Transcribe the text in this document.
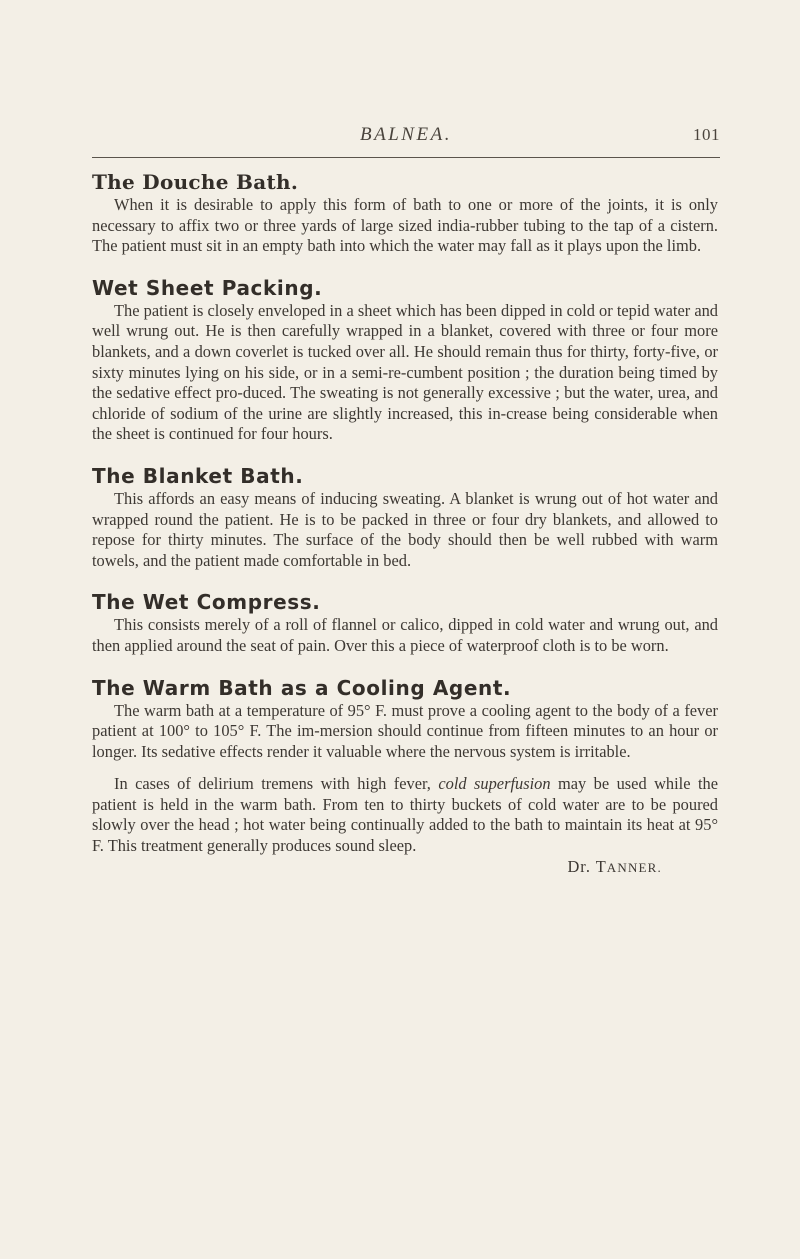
BALNEA.	101
The Douche Bath.

When it is desirable to apply this form of bath to one or more of the joints, it is only necessary to affix two or three yards of large sized india-rubber tubing to the tap of a cistern. The patient must sit in an empty bath into which the water may fall as it plays upon the limb.

Wet Sheet Packing.

The patient is closely enveloped in a sheet which has been dipped in cold or tepid water and well wrung out. He is then carefully wrapped in a blanket, covered with three or four more blankets, and a down coverlet is tucked over all. He should remain thus for thirty, forty-five, or sixty minutes lying on his side, or in a semi-re-cumbent position ; the duration being timed by the sedative effect pro-duced. The sweating is not generally excessive ; but the water, urea, and chloride of sodium of the urine are slightly increased, this in-crease being considerable when the sheet is continued for four hours.

The Blanket Bath.

This affords an easy means of inducing sweating. A blanket is wrung out of hot water and wrapped round the patient. He is to be packed in three or four dry blankets, and allowed to repose for thirty minutes. The surface of the body should then be well rubbed with warm towels, and the patient made comfortable in bed.

The Wet Compress.

This consists merely of a roll of flannel or calico, dipped in cold water and wrung out, and then applied around the seat of pain. Over this a piece of waterproof cloth is to be worn.

The Warm Bath as a Cooling Agent.

The warm bath at a temperature of 95° F. must prove a cooling agent to the body of a fever patient at 100° to 105° F. The im-mersion should continue from fifteen minutes to an hour or longer. Its sedative effects render it valuable where the nervous system is irritable.

In cases of delirium tremens with high fever, cold superfusion may be used while the patient is held in the warm bath. From ten to thirty buckets of cold water are to be poured slowly over the head ; hot water being continually added to the bath to maintain its heat at 95° F. This treatment generally produces sound sleep.

Dr. TANNER.
